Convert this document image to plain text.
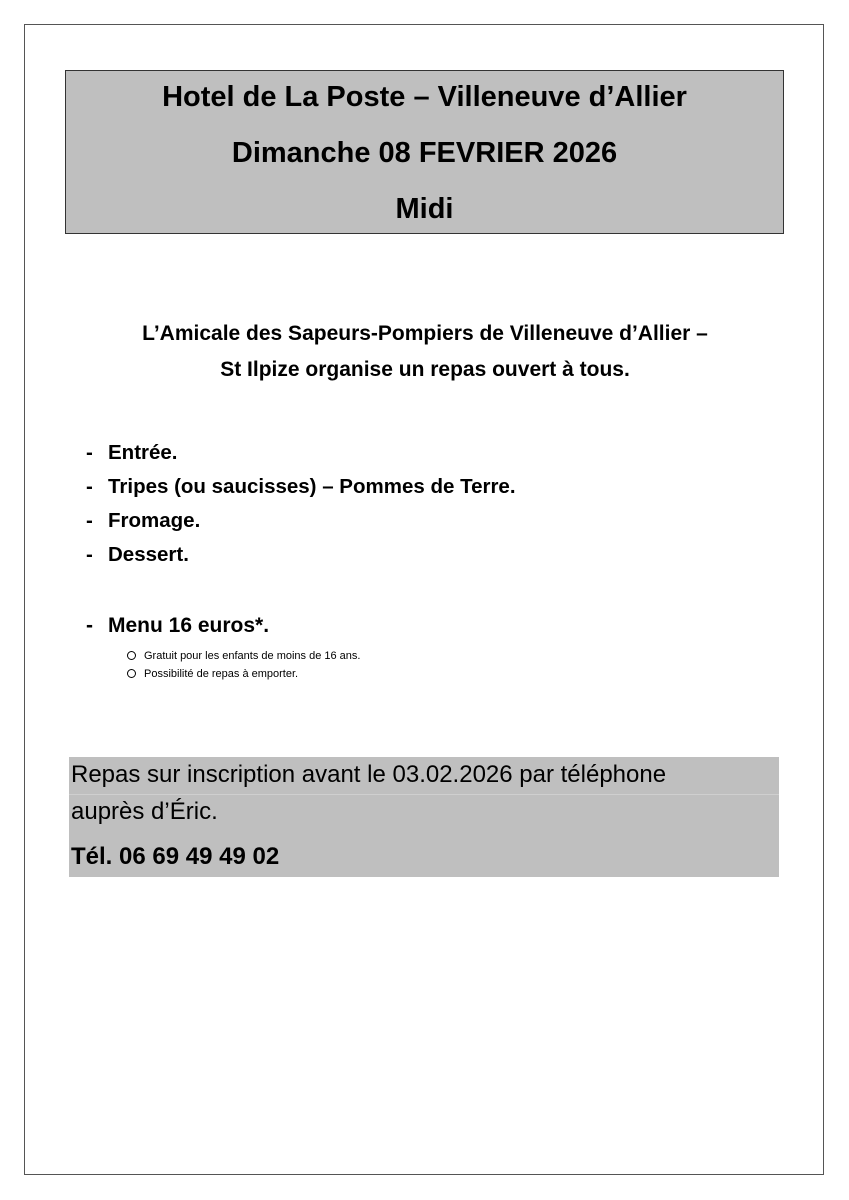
Hotel de La Poste – Villeneuve d’Allier
Dimanche 08 FEVRIER 2026
Midi
L’Amicale des Sapeurs-Pompiers de Villeneuve d’Allier –
St Ilpize organise un repas ouvert à tous.
- Entrée.
- Tripes (ou saucisses) – Pommes de Terre.
- Fromage.
- Dessert.
- Menu 16 euros*.
Gratuit pour les enfants de moins de 16 ans.
Possibilité de repas à emporter.
Repas sur inscription avant le 03.02.2026 par téléphone
auprès d’Éric.
Tél. 06 69 49 49 02
